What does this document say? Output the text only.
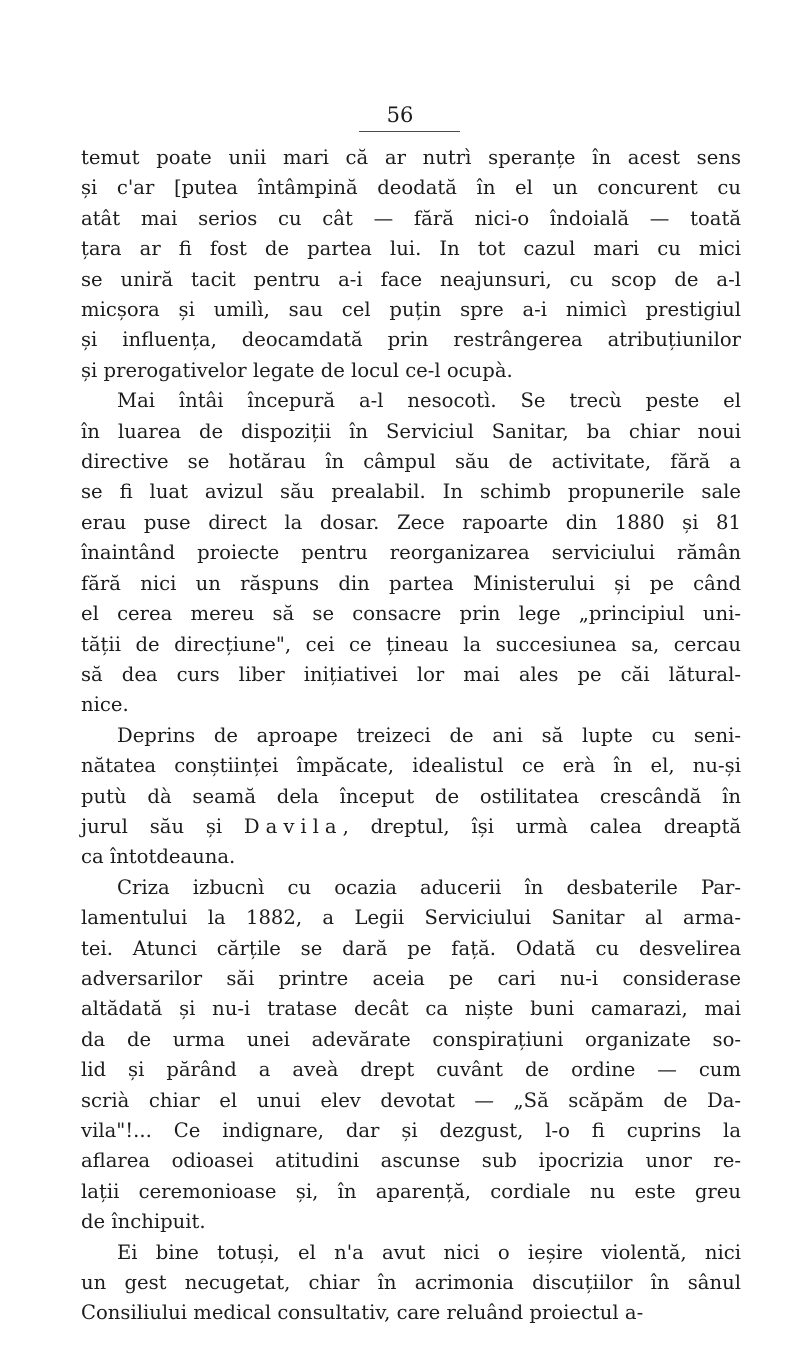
56
temut poate unii mari că ar nutrì speranțe în acest sens
și c'ar [putea întâmpină deodată în el un concurent cu
atât mai serios cu cât — fără nici-o îndoială — toată
țara ar fi fost de partea lui. In tot cazul mari cu mici
se uniră tacit pentru a-i face neajunsuri, cu scop de a-l
micșora și umilì, sau cel puțin spre a-i nimicì prestigiul
și influența, deocamdată prin restrângerea atribuțiunilor
și prerogativelor legate de locul ce-l ocupà.
Mai întâi începură a-l nesocotì. Se trecù peste el
în luarea de dispoziții în Serviciul Sanitar, ba chiar noui
directive se hotărau în câmpul său de activitate, fără a
se fi luat avizul său prealabil. In schimb propunerile sale
erau puse direct la dosar. Zece rapoarte din 1880 și 81
înaintând proiecte pentru reorganizarea serviciului rămân
fără nici un răspuns din partea Ministerului și pe când
el cerea mereu să se consacre prin lege „principiul uni-
tății de direcțiune", cei ce țineau la succesiunea sa, cercau
să dea curs liber inițiativei lor mai ales pe căi lătural-
nice.
Deprins de aproape treizeci de ani să lupte cu seni-
nătatea conștiinței împăcate, idealistul ce erà în el, nu-și
putù dà seamă dela început de ostilitatea crescândă în
jurul său și Davila, dreptul, își urmà calea dreaptă
ca întotdeauna.
Criza izbucnì cu ocazia aducerii în desbaterile Par-
lamentului la 1882, a Legii Serviciului Sanitar al arma-
tei. Atunci cărțile se dară pe față. Odată cu desvelirea
adversarilor săi printre aceia pe cari nu-i considerase
altădată și nu-i tratase decât ca niște buni camarazi, mai
da de urma unei adevărate conspirațiuni organizate so-
lid și părând a aveà drept cuvânt de ordine — cum
scrià chiar el unui elev devotat — „Să scăpăm de Da-
vila"!... Ce indignare, dar și dezgust, l-o fi cuprins la
aflarea odioasei atitudini ascunse sub ipocrizia unor re-
lații ceremonioase și, în aparență, cordiale nu este greu
de închipuit.
Ei bine totuși, el n'a avut nici o ieșire violentă, nici
un gest necugetat, chiar în acrimonia discuțiilor în sânul
Consiliului medical consultativ, care reluând proiectul a-
